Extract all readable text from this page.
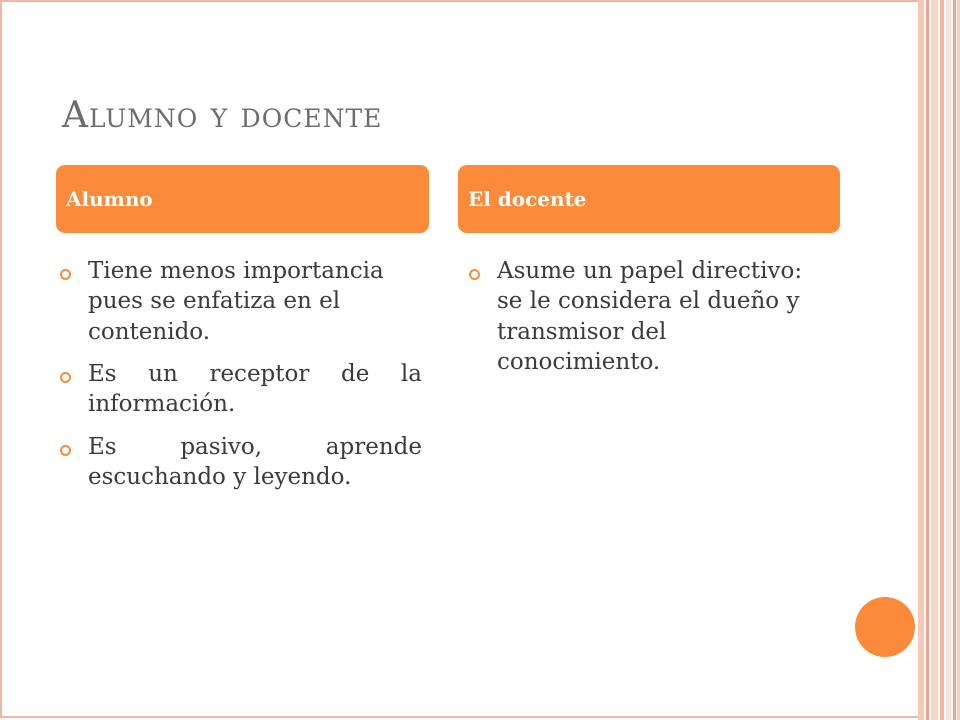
Alumno y docente
Alumno	El docente
Tiene menos importancia pues se enfatiza en el contenido.
Es un receptor de la información.
Es pasivo, aprende escuchando y leyendo.
Asume un papel directivo: se le considera el dueño y transmisor del conocimiento.
